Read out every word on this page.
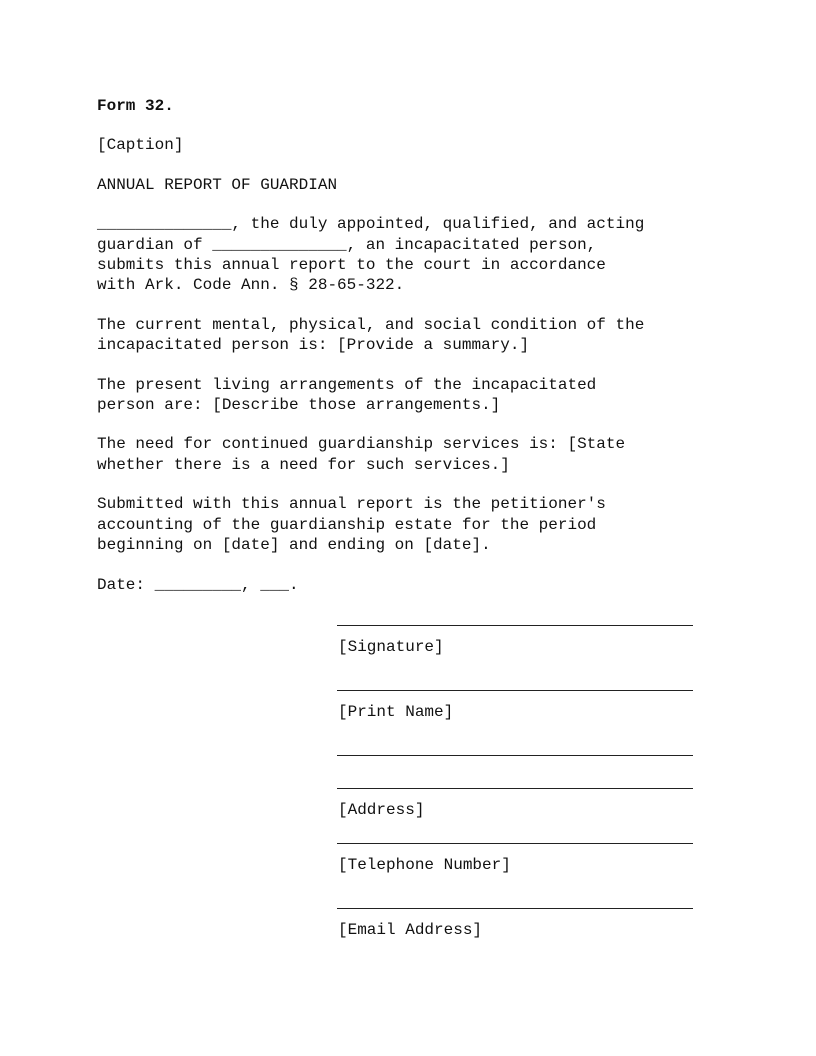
Form 32.

[Caption]

ANNUAL REPORT OF GUARDIAN

______________, the duly appointed, qualified, and acting
guardian of ______________, an incapacitated person,
submits this annual report to the court in accordance
with Ark. Code Ann. § 28-65-322.

The current mental, physical, and social condition of the
incapacitated person is: [Provide a summary.]

The present living arrangements of the incapacitated
person are: [Describe those arrangements.]

The need for continued guardianship services is: [State
whether there is a need for such services.]

Submitted with this annual report is the petitioner's
accounting of the guardianship estate for the period
beginning on [date] and ending on [date].

Date: _________, ___.

[Signature]
[Print Name]
[Address]
[Telephone Number]
[Email Address]
